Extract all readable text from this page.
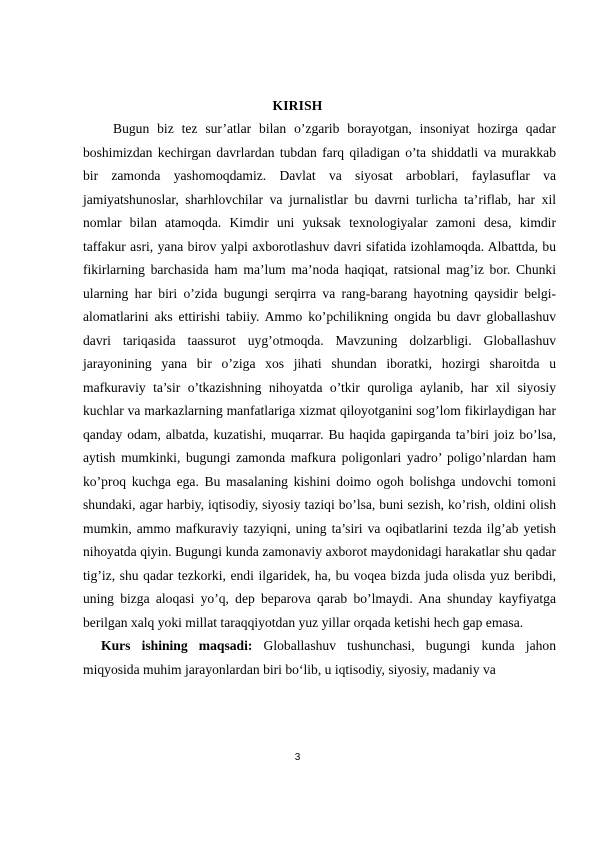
KIRISH

Bugun biz tez sur’atlar bilan o’zgarib borayotgan, insoniyat hozirga qadar boshimizdan kechirgan davrlardan tubdan farq qiladigan o’ta shiddatli va murakkab bir zamonda yashomoqdamiz. Davlat va siyosat arboblari, faylasuflar va jamiyatshunoslar, sharhlovchilar va jurnalistlar bu davrni turlicha ta’riflab, har xil nomlar bilan atamoqda. Kimdir uni yuksak texnologiyalar zamoni desa, kimdir taffakur asri, yana birov yalpi axborotlashuv davri sifatida izohlamoqda. Albattda, bu fikirlarning barchasida ham ma’lum ma’noda haqiqat, ratsional mag’iz bor. Chunki ularning har biri o’zida bugungi serqirra va rang-barang hayotning qaysidir belgi-alomatlarini aks ettirishi tabiiy. Ammo ko’pchilikning ongida bu davr globallashuv davri tariqasida taassurot uyg’otmoqda. Mavzuning dolzarbligi. Globallashuv jarayonining yana bir o’ziga xos jihati shundan iboratki, hozirgi sharoitda u mafkuraviy ta’sir o’tkazishning nihoyatda o’tkir quroliga aylanib, har xil siyosiy kuchlar va markazlarning manfatlariga xizmat qiloyotganini sog’lom fikirlaydigan har qanday odam, albatda, kuzatishi, muqarrar. Bu haqida gapirganda ta’biri joiz bo’lsa, aytish mumkinki, bugungi zamonda mafkura poligonlari yadro’ poligo’nlardan ham ko’proq kuchga ega. Bu masalaning kishini doimo ogoh bolishga undovchi tomoni shundaki, agar harbiy, iqtisodiy, siyosiy taziqi bo’lsa, buni sezish, ko’rish, oldini olish mumkin, ammo mafkuraviy tazyiqni, uning ta’siri va oqibatlarini tezda ilg’ab yetish nihoyatda qiyin. Bugungi kunda zamonaviy axborot maydonidagi harakatlar shu qadar tig’iz, shu qadar tezkorki, endi ilgaridek, ha, bu voqea bizda juda olisda yuz beribdi, uning bizga aloqasi yo’q, dep beparova qarab bo’lmaydi. Ana shunday kayfiyatga berilgan xalq yoki millat taraqqiyotdan yuz yillar orqada ketishi hech gap emasa.

Kurs ishining maqsadi: Globallashuv tushunchasi, bugungi kunda jahon miqyosida muhim jarayonlardan biri bo‘lib, u iqtisodiy, siyosiy, madaniy va

3
